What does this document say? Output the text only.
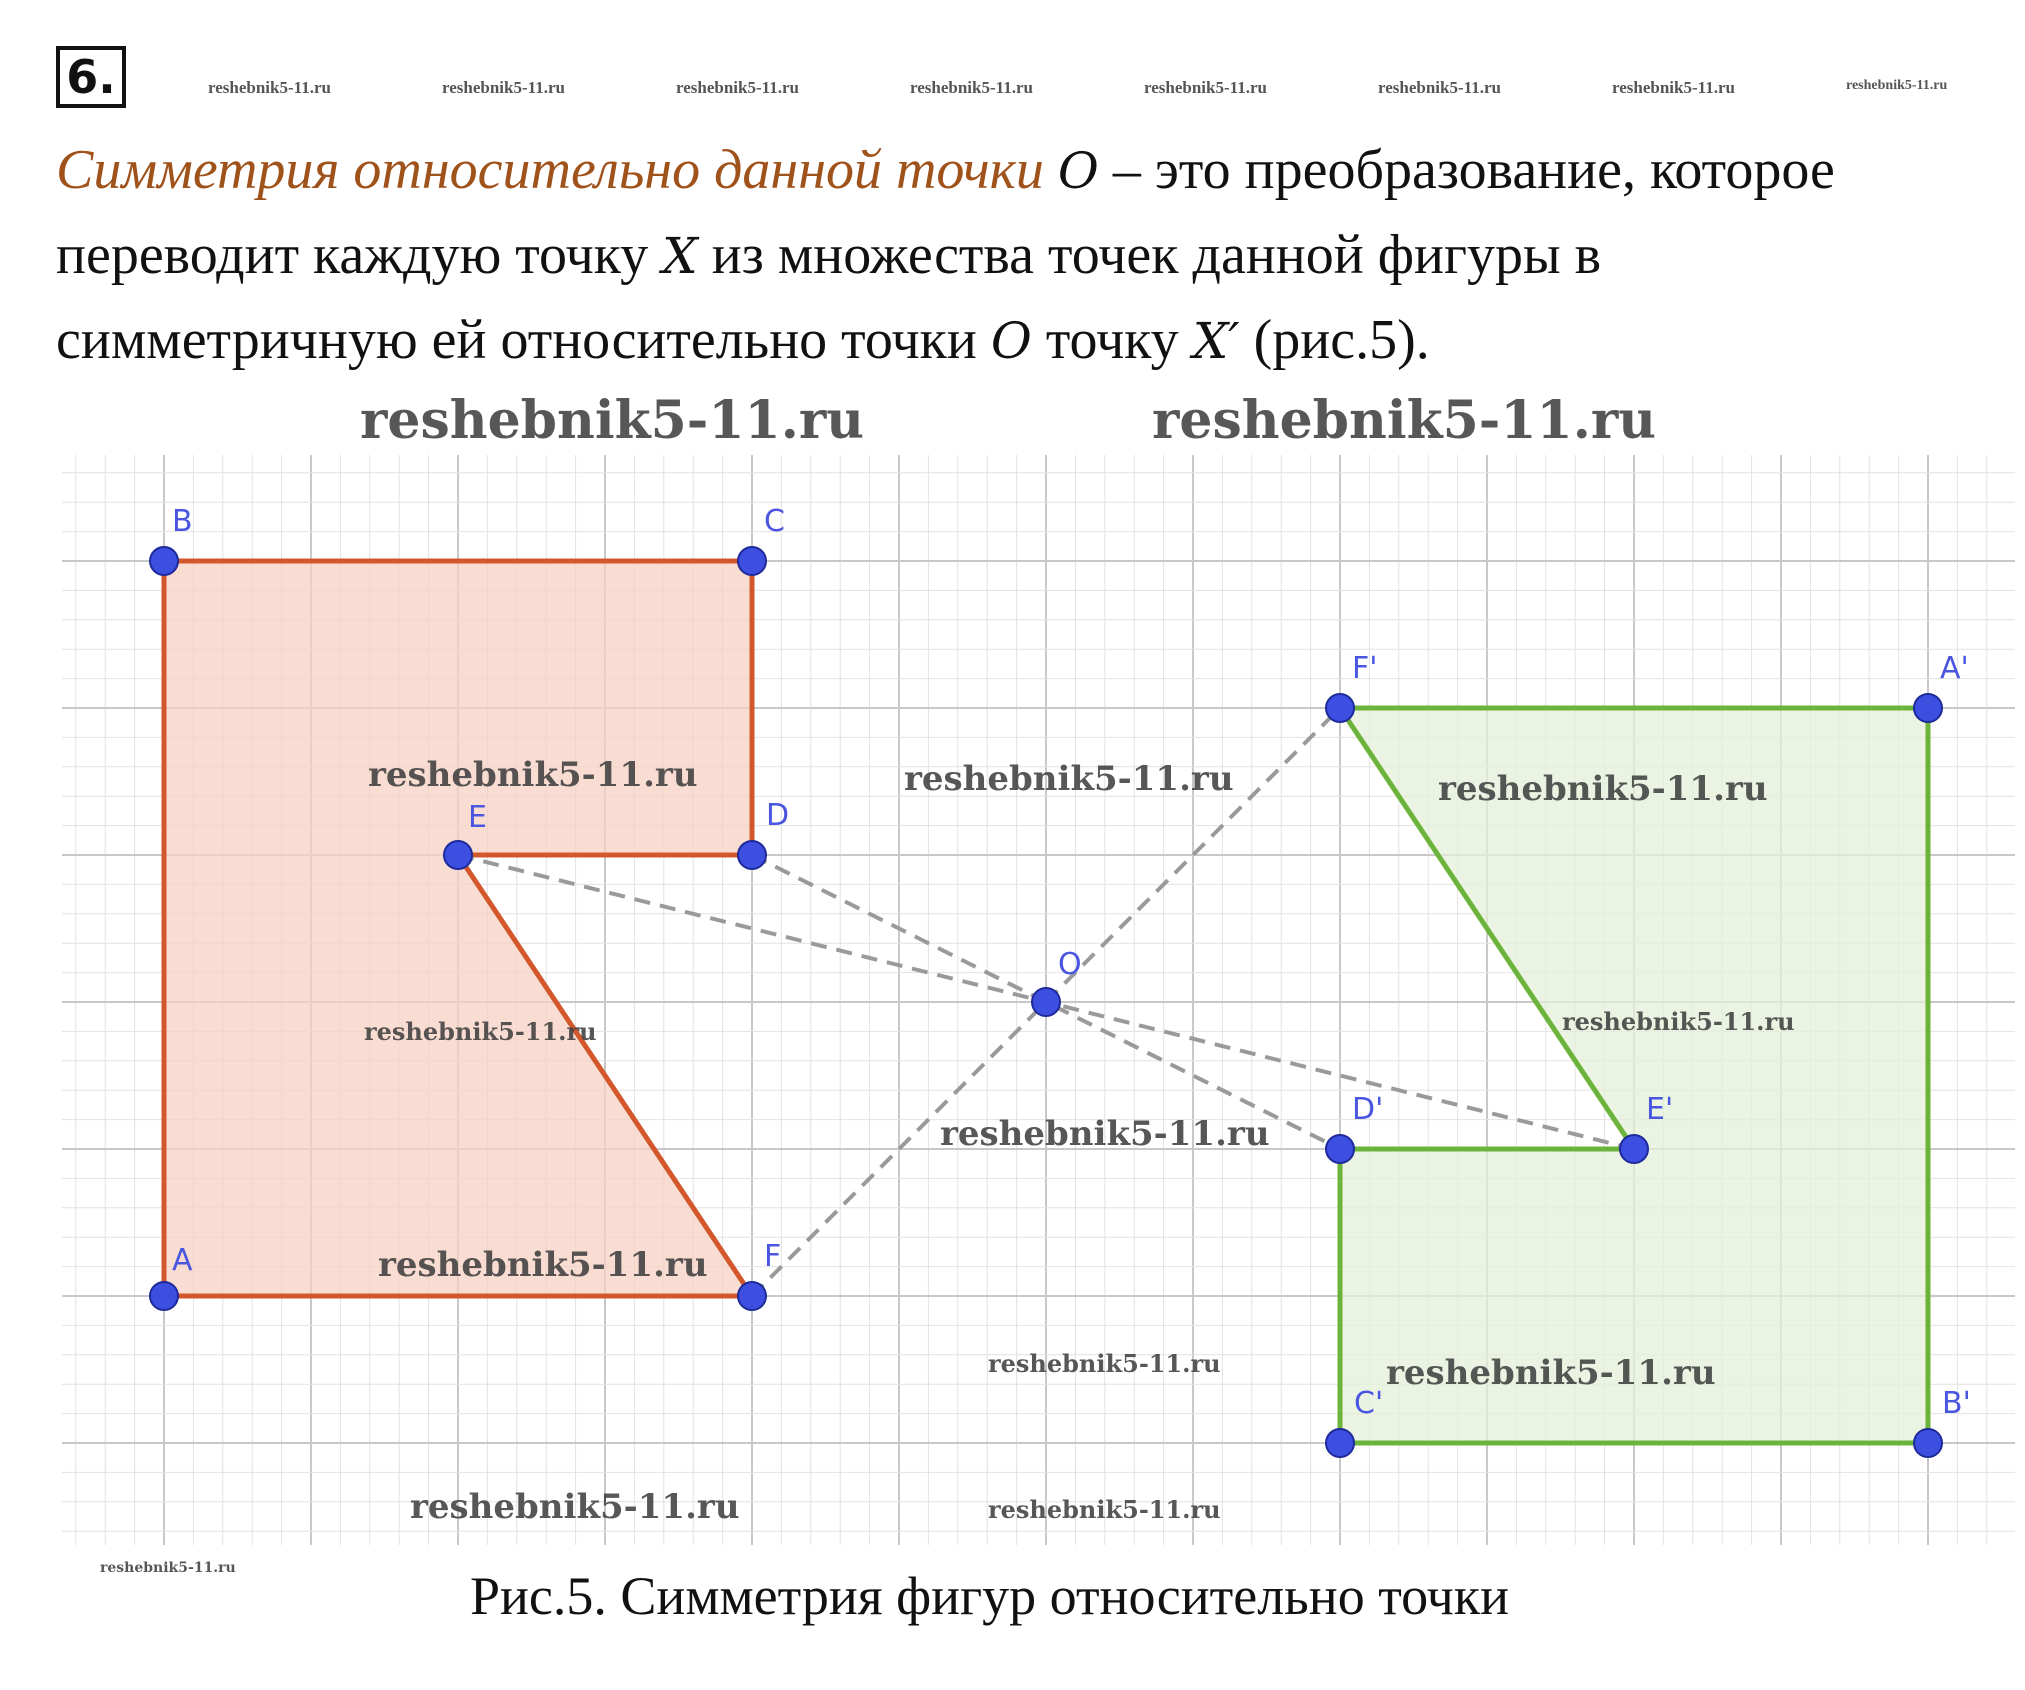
6.	reshebnik5-11.ru	reshebnik5-11.ru	reshebnik5-11.ru	reshebnik5-11.ru	reshebnik5-11.ru	reshebnik5-11.ru	reshebnik5-11.ru	reshebnik5-11.ru
Симметрия относительно данной точки O – это преобразование, которое
переводит каждую точку X из множества точек данной фигуры в
симметричную ей относительно точки O точку X′ (рис.5).
A
B	C
D
E
F
A'
B'
C'
D'	E'
F'
O
reshebnik5-11.ru	reshebnik5-11.ru
reshebnik5-11.ru	reshebnik5-11.ru	reshebnik5-11.ru
reshebnik5-11.ru	reshebnik5-11.ru
reshebnik5-11.ru
reshebnik5-11.ru
reshebnik5-11.ru	reshebnik5-11.ru
reshebnik5-11.ru	reshebnik5-11.ru
reshebnik5-11.ru	Рис.5. Симметрия фигур относительно точки
